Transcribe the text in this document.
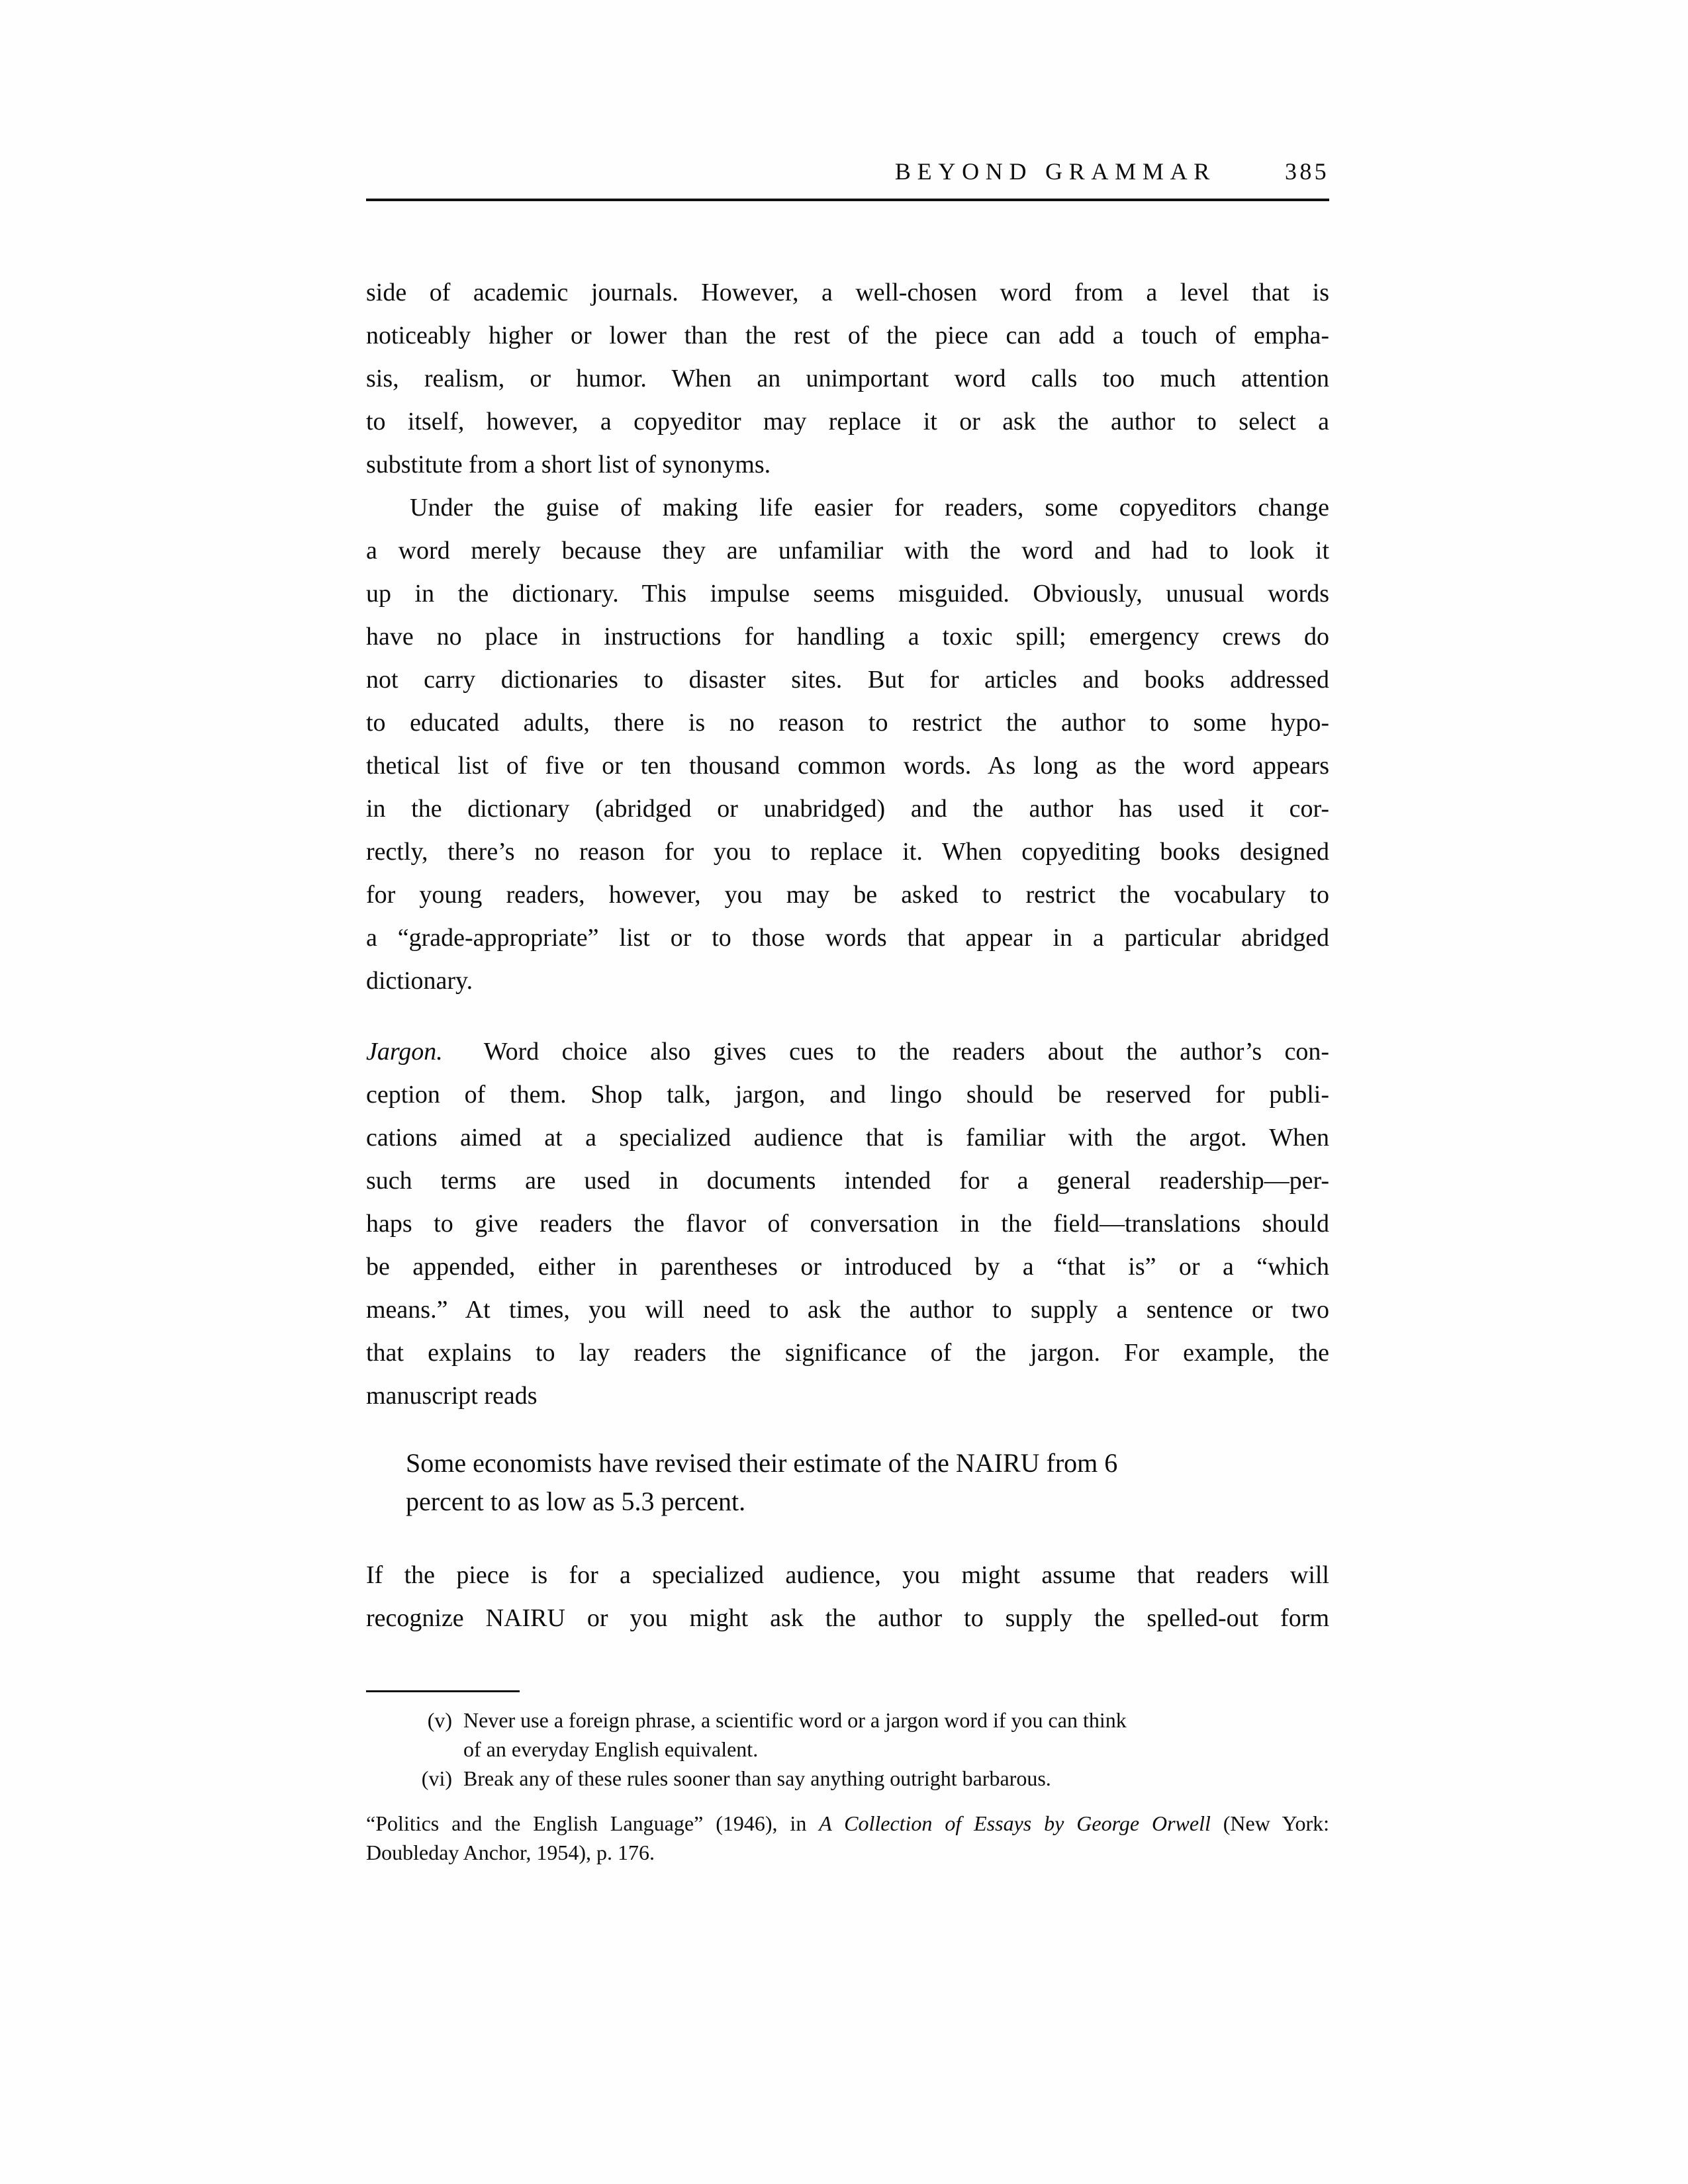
BEYOND GRAMMAR	385
side of academic journals. However, a well-chosen word from a level that is
noticeably higher or lower than the rest of the piece can add a touch of empha-
sis, realism, or humor. When an unimportant word calls too much attention
to itself, however, a copyeditor may replace it or ask the author to select a
substitute from a short list of synonyms.
Under the guise of making life easier for readers, some copyeditors change
a word merely because they are unfamiliar with the word and had to look it
up in the dictionary. This impulse seems misguided. Obviously, unusual words
have no place in instructions for handling a toxic spill; emergency crews do
not carry dictionaries to disaster sites. But for articles and books addressed
to educated adults, there is no reason to restrict the author to some hypo-
thetical list of five or ten thousand common words. As long as the word appears
in the dictionary (abridged or unabridged) and the author has used it cor-
rectly, there’s no reason for you to replace it. When copyediting books designed
for young readers, however, you may be asked to restrict the vocabulary to
a “grade-appropriate” list or to those words that appear in a particular abridged
dictionary.
Jargon. Word choice also gives cues to the readers about the author’s con-
ception of them. Shop talk, jargon, and lingo should be reserved for publi-
cations aimed at a specialized audience that is familiar with the argot. When
such terms are used in documents intended for a general readership—per-
haps to give readers the flavor of conversation in the field—translations should
be appended, either in parentheses or introduced by a “that is” or a “which
means.” At times, you will need to ask the author to supply a sentence or two
that explains to lay readers the significance of the jargon. For example, the
manuscript reads
Some economists have revised their estimate of the NAIRU from 6
percent to as low as 5.3 percent.
If the piece is for a specialized audience, you might assume that readers will
recognize NAIRU or you might ask the author to supply the spelled-out form
(v) Never use a foreign phrase, a scientific word or a jargon word if you can think
of an everyday English equivalent.
(vi) Break any of these rules sooner than say anything outright barbarous.
“Politics and the English Language” (1946), in A Collection of Essays by George Orwell (New York:
Doubleday Anchor, 1954), p. 176.
